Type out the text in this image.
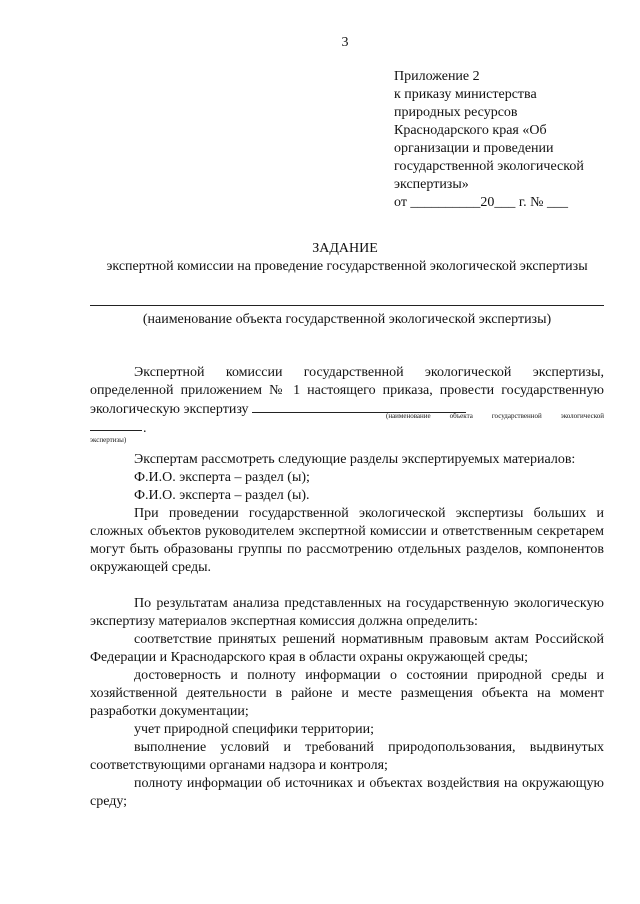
3
Приложение 2
к приказу министерства
природных ресурсов
Краснодарского края «Об
организации и проведении
государственной экологической
экспертизы»
от __________20___ г. № ___
ЗАДАНИЕ
экспертной комиссии на проведение государственной экологической экспертизы
(наименование объекта государственной экологической экспертизы)
Экспертной комиссии государственной экологической экспертизы, определенной приложением № 1 настоящего приказа, провести государственную экологическую экспертизу	(наименование объекта государственной экологической
.
экспертизы)
Экспертам рассмотреть следующие разделы экспертируемых материалов:
Ф.И.О. эксперта – раздел (ы);
Ф.И.О. эксперта – раздел (ы).
При проведении государственной экологической экспертизы больших и сложных объектов руководителем экспертной комиссии и ответственным секретарем могут быть образованы группы по рассмотрению отдельных разделов, компонентов окружающей среды.
По результатам анализа представленных на государственную экологическую экспертизу материалов экспертная комиссия должна определить:
соответствие принятых решений нормативным правовым актам Российской Федерации и Краснодарского края в области охраны окружающей среды;
достоверность и полноту информации о состоянии природной среды и хозяйственной деятельности в районе и месте размещения объекта на момент разработки документации;
учет природной специфики территории;
выполнение условий и требований природопользования, выдвинутых соответствующими органами надзора и контроля;
полноту информации об источниках и объектах воздействия на окружающую среду;
